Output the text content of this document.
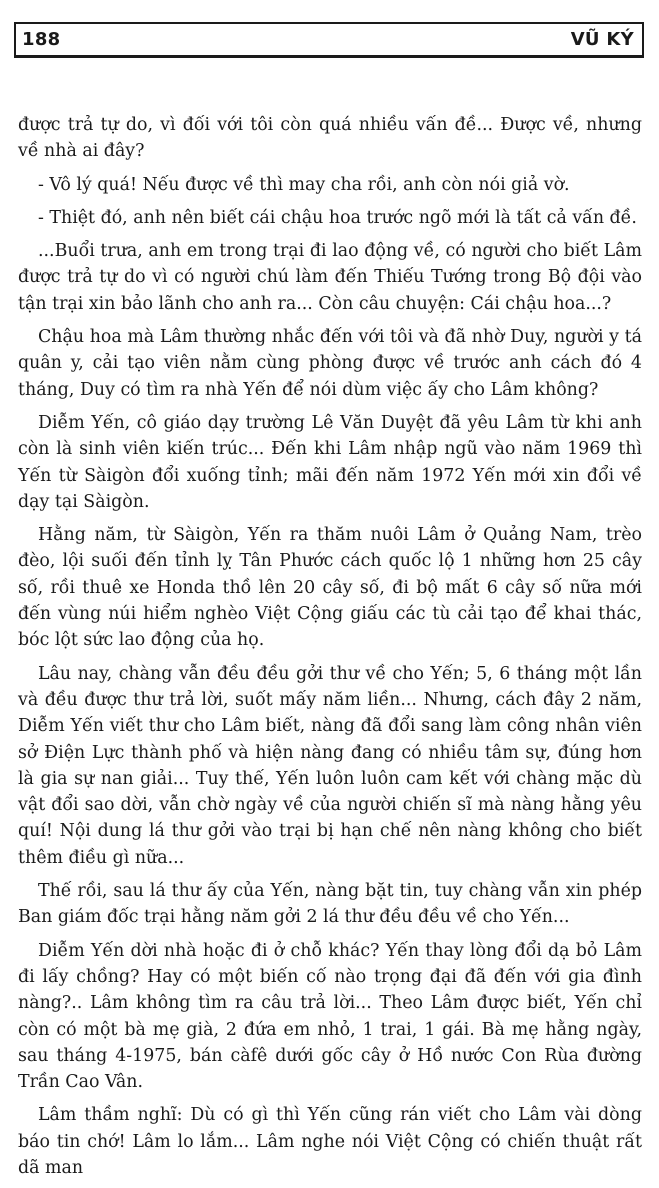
188	VŨ KÝ

được trả tự do, vì đối với tôi còn quá nhiều vấn đề... Được về, nhưng về nhà ai đây?

- Vô lý quá! Nếu được về thì may cha rồi, anh còn nói giả vờ.

- Thiệt đó, anh nên biết cái chậu hoa trước ngõ mới là tất cả vấn đề.

...Buổi trưa, anh em trong trại đi lao động về, có người cho biết Lâm được trả tự do vì có người chú làm đến Thiếu Tướng trong Bộ đội vào tận trại xin bảo lãnh cho anh ra... Còn câu chuyện: Cái chậu hoa...?

Chậu hoa mà Lâm thường nhắc đến với tôi và đã nhờ Duy, người y tá quân y, cải tạo viên nằm cùng phòng được về trước anh cách đó 4 tháng, Duy có tìm ra nhà Yến để nói dùm việc ấy cho Lâm không?

Diễm Yến, cô giáo dạy trường Lê Văn Duyệt đã yêu Lâm từ khi anh còn là sinh viên kiến trúc... Đến khi Lâm nhập ngũ vào năm 1969 thì Yến từ Sàigòn đổi xuống tỉnh; mãi đến năm 1972 Yến mới xin đổi về dạy tại Sàigòn.

Hằng năm, từ Sàigòn, Yến ra thăm nuôi Lâm ở Quảng Nam, trèo đèo, lội suối đến tỉnh lỵ Tân Phước cách quốc lộ 1 những hơn 25 cây số, rồi thuê xe Honda thồ lên 20 cây số, đi bộ mất 6 cây số nữa mới đến vùng núi hiểm nghèo Việt Cộng giấu các tù cải tạo để khai thác, bóc lột sức lao động của họ.

Lâu nay, chàng vẫn đều đều gởi thư về cho Yến; 5, 6 tháng một lần và đều được thư trả lời, suốt mấy năm liền... Nhưng, cách đây 2 năm, Diễm Yến viết thư cho Lâm biết, nàng đã đổi sang làm công nhân viên sở Điện Lực thành phố và hiện nàng đang có nhiều tâm sự, đúng hơn là gia sự nan giải... Tuy thế, Yến luôn luôn cam kết với chàng mặc dù vật đổi sao dời, vẫn chờ ngày về của người chiến sĩ mà nàng hằng yêu quí! Nội dung lá thư gởi vào trại bị hạn chế nên nàng không cho biết thêm điều gì nữa...

Thế rồi, sau lá thư ấy của Yến, nàng bặt tin, tuy chàng vẫn xin phép Ban giám đốc trại hằng năm gởi 2 lá thư đều đều về cho Yến...

Diễm Yến dời nhà hoặc đi ở chỗ khác? Yến thay lòng đổi dạ bỏ Lâm đi lấy chồng? Hay có một biến cố nào trọng đại đã đến với gia đình nàng?.. Lâm không tìm ra câu trả lời... Theo Lâm được biết, Yến chỉ còn có một bà mẹ già, 2 đứa em nhỏ, 1 trai, 1 gái. Bà mẹ hằng ngày, sau tháng 4-1975, bán càfê dưới gốc cây ở Hồ nước Con Rùa đường Trần Cao Vân.

Lâm thầm nghĩ: Dù có gì thì Yến cũng rán viết cho Lâm vài dòng báo tin chớ! Lâm lo lắm... Lâm nghe nói Việt Cộng có chiến thuật rất dã man
